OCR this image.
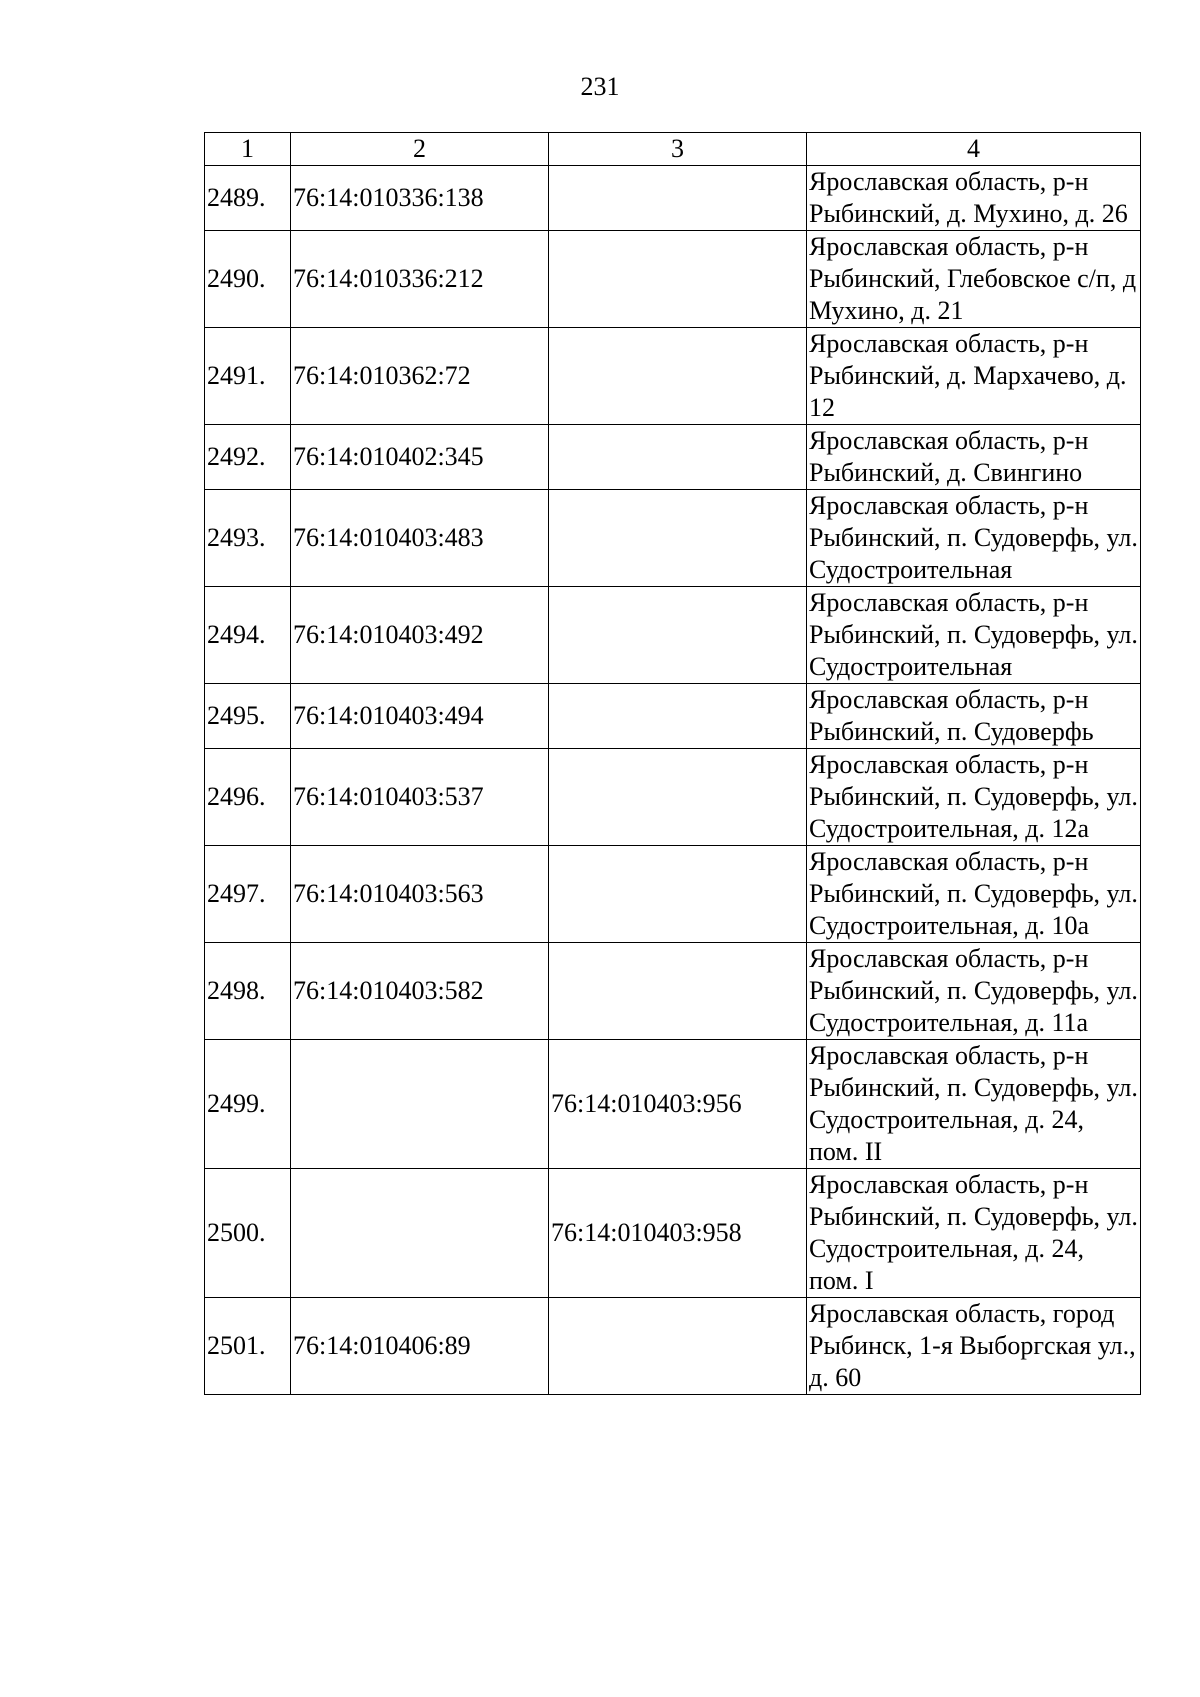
231
1	2	3	4
2489.	76:14:010336:138		Ярославская область, р-н Рыбинский, д. Мухино, д. 26
2490.	76:14:010336:212		Ярославская область, р-н Рыбинский, Глебовское с/п, д Мухино, д. 21
2491.	76:14:010362:72		Ярославская область, р-н Рыбинский, д. Мархачево, д. 12
2492.	76:14:010402:345		Ярославская область, р-н Рыбинский, д. Свингино
2493.	76:14:010403:483		Ярославская область, р-н Рыбинский, п. Судоверфь, ул. Судостроительная
2494.	76:14:010403:492		Ярославская область, р-н Рыбинский, п. Судоверфь, ул. Судостроительная
2495.	76:14:010403:494		Ярославская область, р-н Рыбинский, п. Судоверфь
2496.	76:14:010403:537		Ярославская область, р-н Рыбинский, п. Судоверфь, ул. Судостроительная, д. 12а
2497.	76:14:010403:563		Ярославская область, р-н Рыбинский, п. Судоверфь, ул. Судостроительная, д. 10а
2498.	76:14:010403:582		Ярославская область, р-н Рыбинский, п. Судоверфь, ул. Судостроительная, д. 11а
2499.		76:14:010403:956	Ярославская область, р-н Рыбинский, п. Судоверфь, ул. Судостроительная, д. 24, пом. II
2500.		76:14:010403:958	Ярославская область, р-н Рыбинский, п. Судоверфь, ул. Судостроительная, д. 24, пом. I
2501.	76:14:010406:89		Ярославская область, город Рыбинск, 1-я Выборгская ул., д. 60
